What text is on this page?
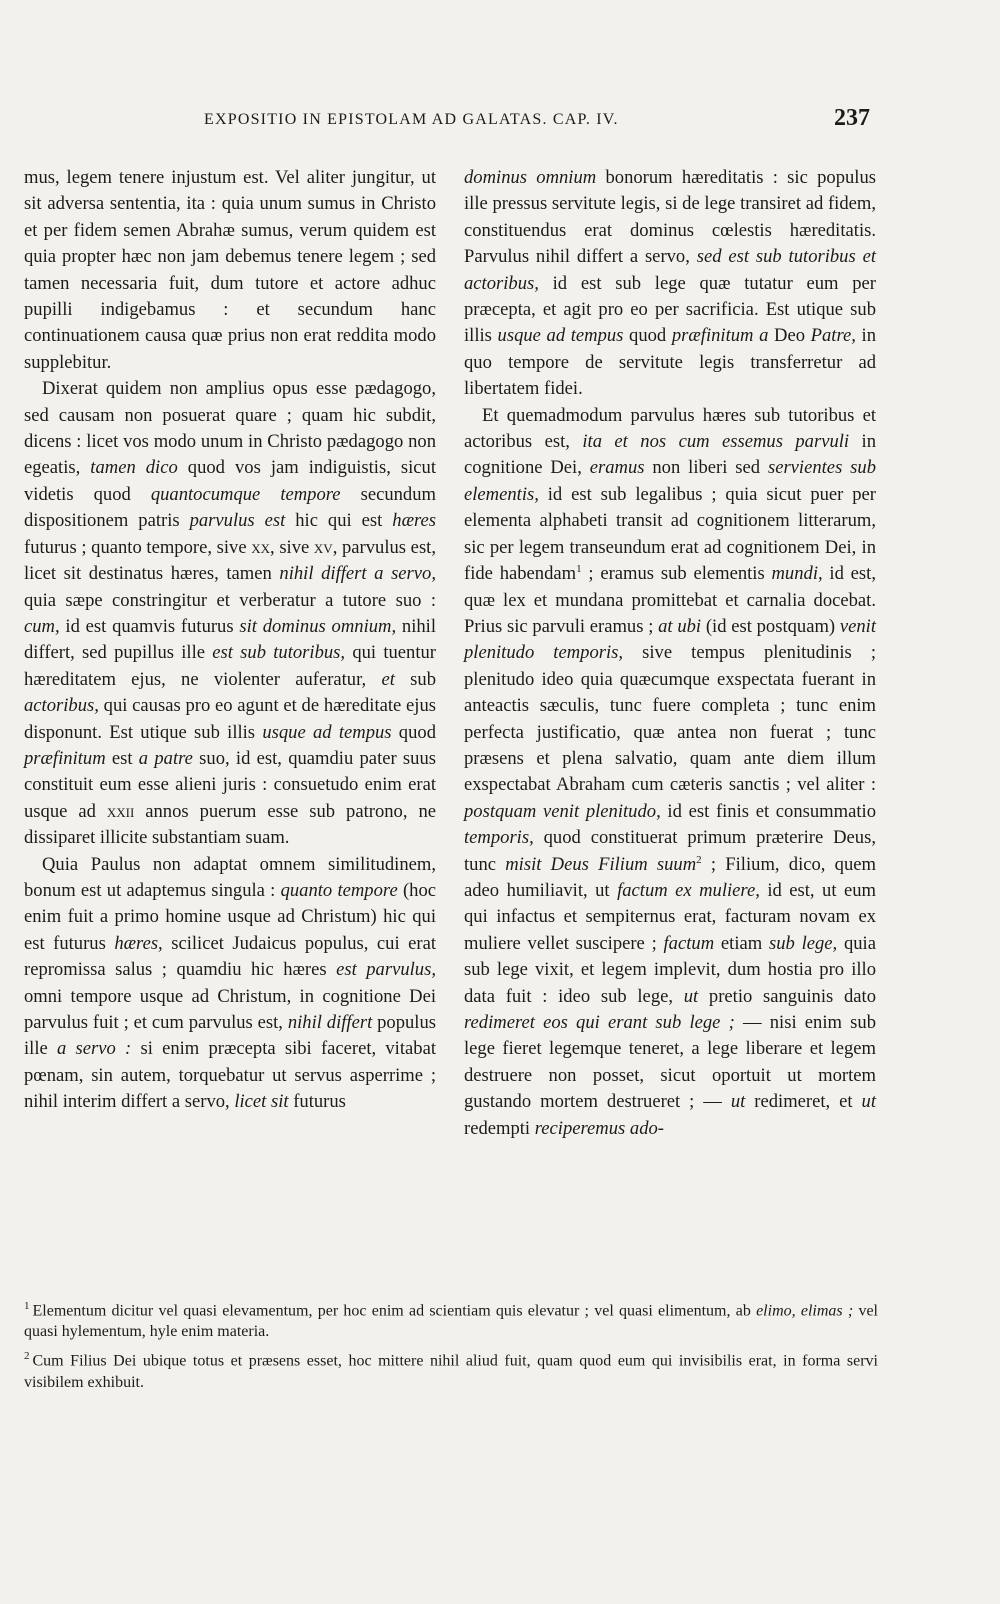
EXPOSITIO IN EPISTOLAM AD GALATAS. CAP. IV.	237

mus, legem tenere injustum est. Vel aliter jungitur, ut sit adversa sententia, ita : quia unum sumus in Christo et per fidem semen Abrahæ sumus, verum quidem est quia propter hæc non jam debemus tenere legem ; sed tamen necessaria fuit, dum tutore et actore adhuc pupilli indigebamus : et secundum hanc continuationem causa quæ prius non erat reddita modo supplebitur.

Dixerat quidem non amplius opus esse pædagogo, sed causam non posuerat quare ; quam hic subdit, dicens : licet vos modo unum in Christo pædagogo non egeatis, tamen dico quod vos jam indiguistis, sicut videtis quod quantocumque tempore secundum dispositionem patris parvulus est hic qui est hæres futurus ; quanto tempore, sive xx, sive xv, parvulus est, licet sit destinatus hæres, tamen nihil differt a servo, quia sæpe constringitur et verberatur a tutore suo : cum, id est quamvis futurus sit dominus omnium, nihil differt, sed pupillus ille est sub tutoribus, qui tuentur hæreditatem ejus, ne violenter auferatur, et sub actoribus, qui causas pro eo agunt et de hæreditate ejus disponunt. Est utique sub illis usque ad tempus quod præfinitum est a patre suo, id est, quamdiu pater suus constituit eum esse alieni juris : consuetudo enim erat usque ad xxii annos puerum esse sub patrono, ne dissiparet illicite substantiam suam.

Quia Paulus non adaptat omnem similitudinem, bonum est ut adaptemus singula : quanto tempore (hoc enim fuit a primo homine usque ad Christum) hic qui est futurus hæres, scilicet Judaicus populus, cui erat repromissa salus ; quamdiu hic hæres est parvulus, omni tempore usque ad Christum, in cognitione Dei parvulus fuit ; et cum parvulus est, nihil differt populus ille a servo : si enim præcepta sibi faceret, vitabat pœnam, sin autem, torquebatur ut servus asperrime ; nihil interim differt a servo, licet sit futurus

dominus omnium bonorum hæreditatis : sic populus ille pressus servitute legis, si de lege transiret ad fidem, constituendus erat dominus cœlestis hæreditatis. Parvulus nihil differt a servo, sed est sub tutoribus et actoribus, id est sub lege quæ tutatur eum per præcepta, et agit pro eo per sacrificia. Est utique sub illis usque ad tempus quod præfinitum a Deo Patre, in quo tempore de servitute legis transferretur ad libertatem fidei.

Et quemadmodum parvulus hæres sub tutoribus et actoribus est, ita et nos cum essemus parvuli in cognitione Dei, eramus non liberi sed servientes sub elementis, id est sub legalibus ; quia sicut puer per elementa alphabeti transit ad cognitionem litterarum, sic per legem transeundum erat ad cognitionem Dei, in fide habendam$^1$ ; eramus sub elementis mundi, id est, quæ lex et mundana promittebat et carnalia docebat. Prius sic parvuli eramus ; at ubi (id est postquam) venit plenitudo temporis, sive tempus plenitudinis ; plenitudo ideo quia quæcumque exspectata fuerant in anteactis sæculis, tunc fuere completa ; tunc enim perfecta justificatio, quæ antea non fuerat ; tunc præsens et plena salvatio, quam ante diem illum exspectabat Abraham cum cæteris sanctis ; vel aliter : postquam venit plenitudo, id est finis et consummatio temporis, quod constituerat primum præterire Deus, tunc misit Deus Filium suum$^2$ ; Filium, dico, quem adeo humiliavit, ut factum ex muliere, id est, ut eum qui infactus et sempiternus erat, facturam novam ex muliere vellet suscipere ; factum etiam sub lege, quia sub lege vixit, et legem implevit, dum hostia pro illo data fuit : ideo sub lege, ut pretio sanguinis dato redimeret eos qui erant sub lege ; — nisi enim sub lege fieret legemque teneret, a lege liberare et legem destruere non posset, sicut oportuit ut mortem gustando mortem destrueret ; — ut redimeret, et ut redempti reciperemus ado-

$^1$ Elementum dicitur vel quasi elevamentum, per hoc enim ad scientiam quis elevatur ; vel quasi elimentum, ab elimo, elimas ; vel quasi hylementum, hyle enim materia.

$^2$ Cum Filius Dei ubique totus et præsens esset, hoc mittere nihil aliud fuit, quam quod eum qui invisibilis erat, in forma servi visibilem exhibuit.
